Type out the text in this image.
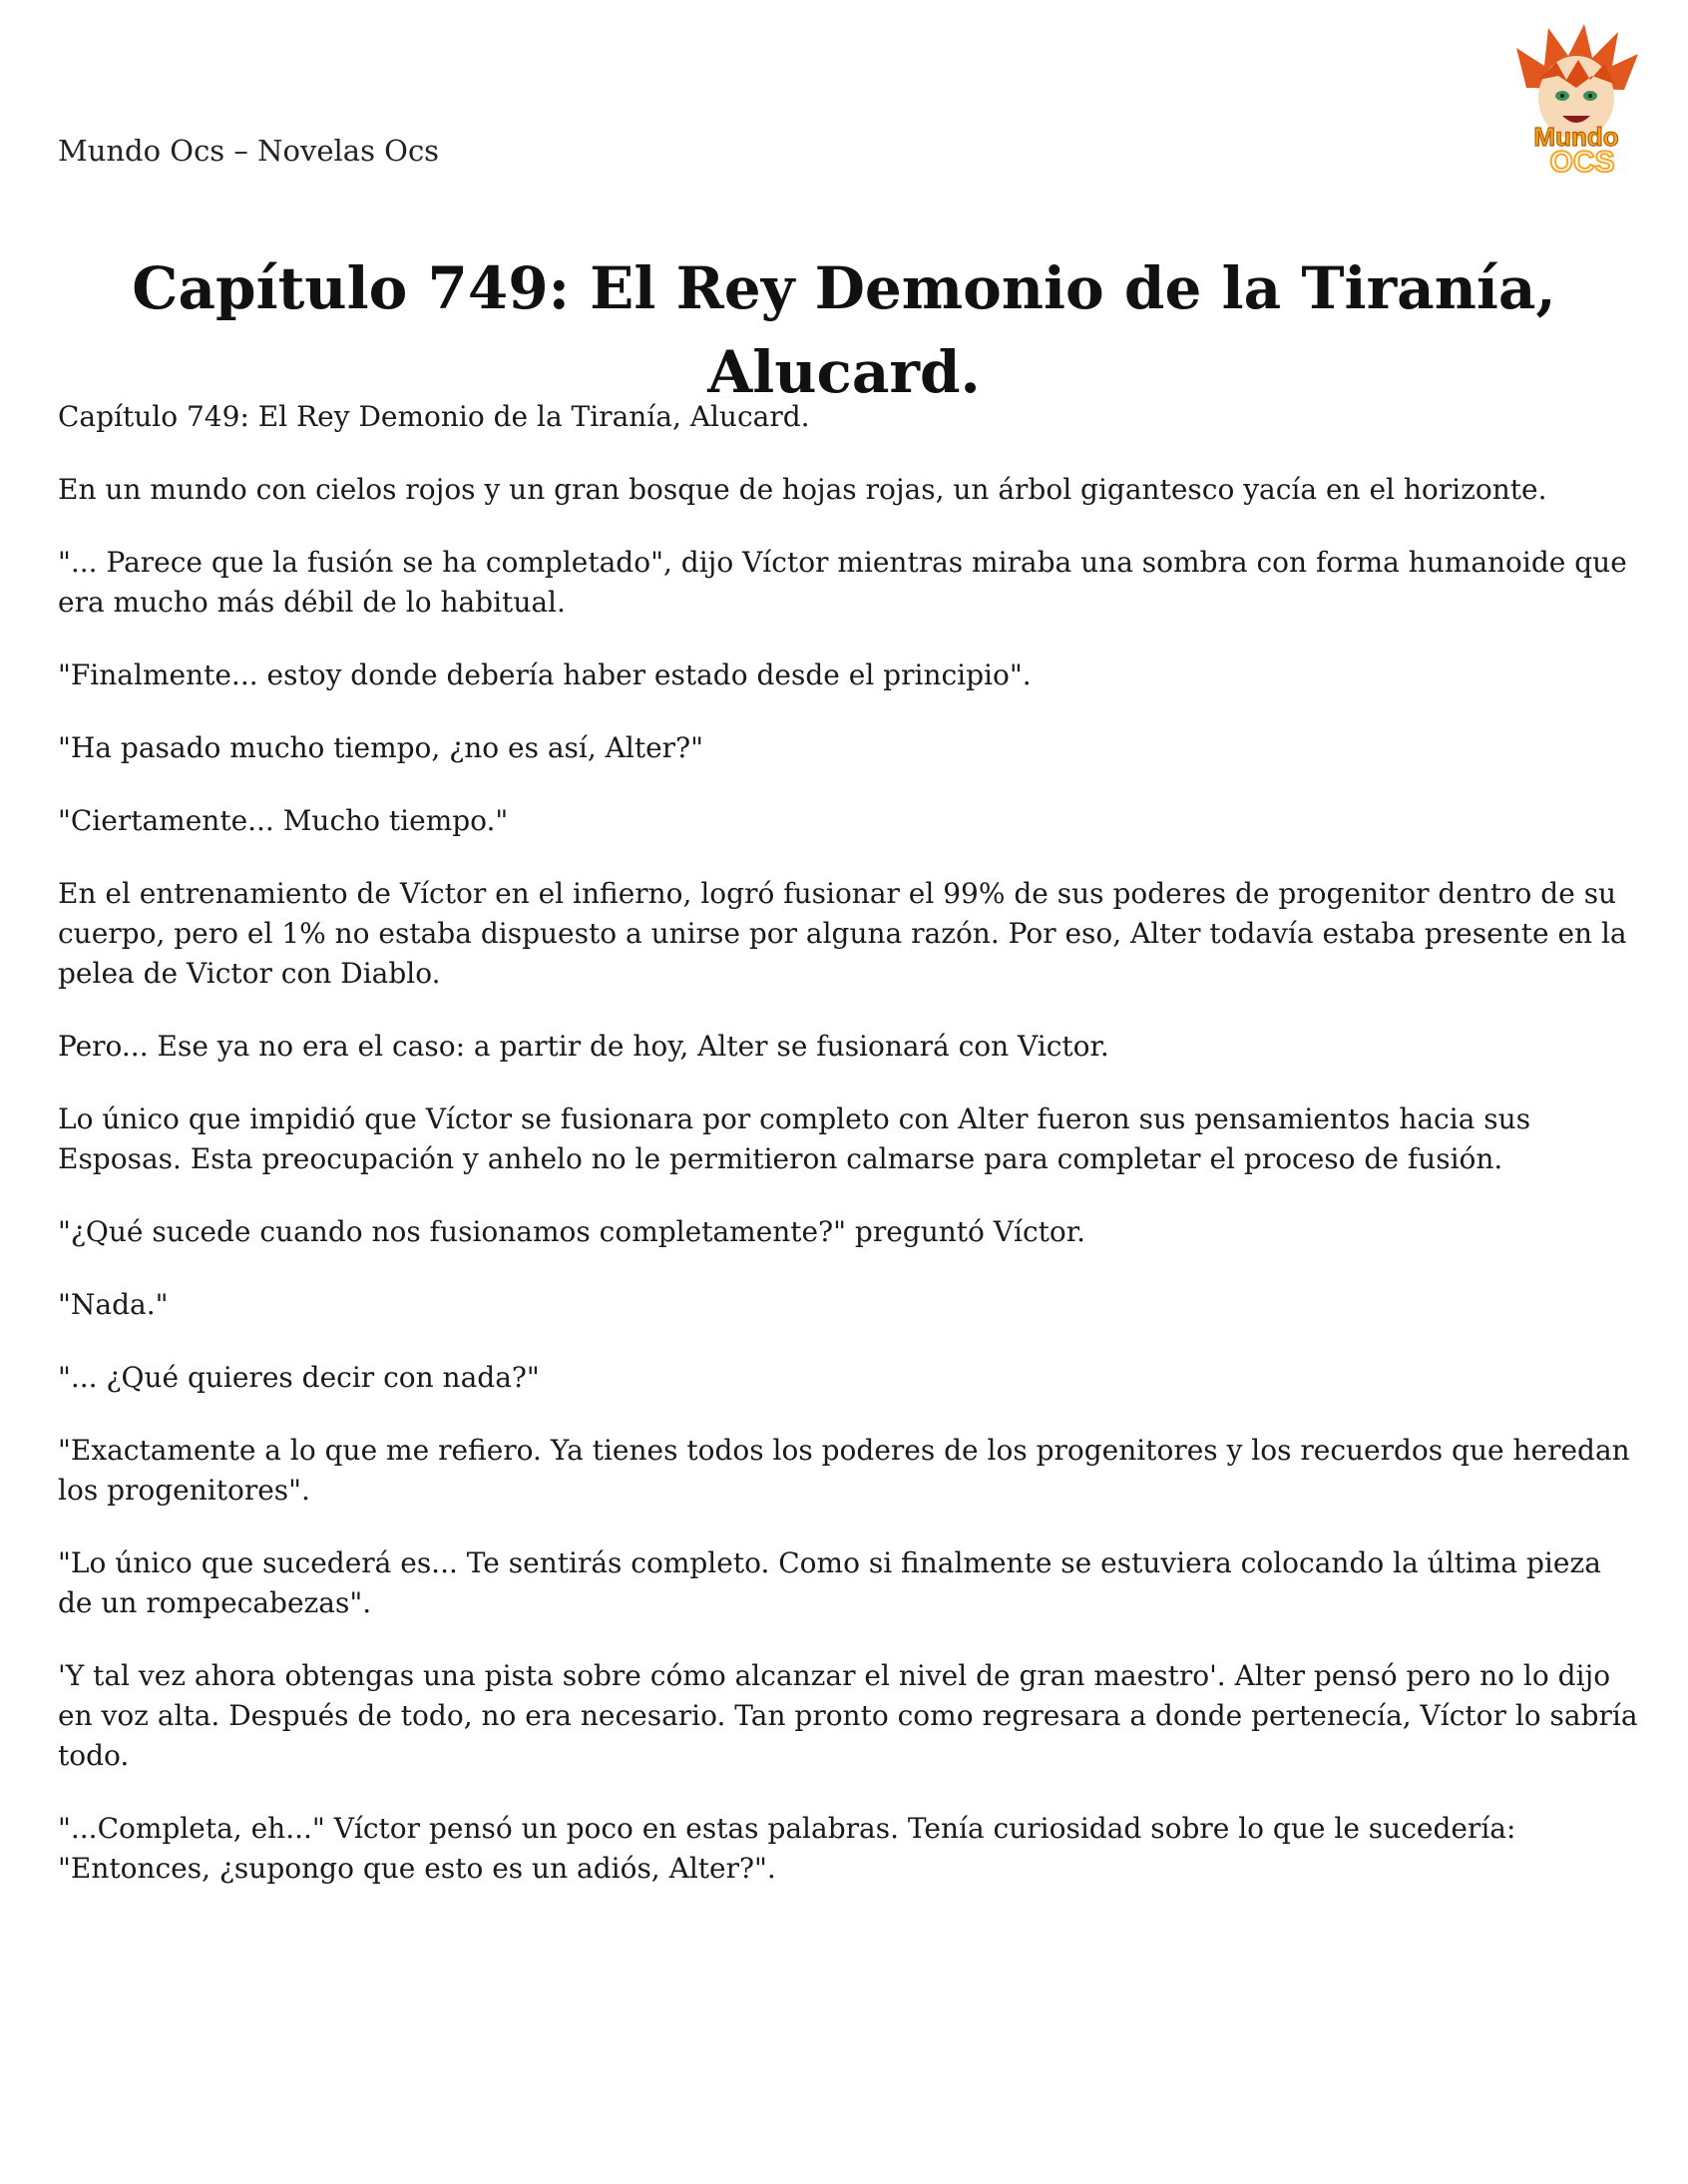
Mundo Ocs – Novelas Ocs	Mundo
OCS
Capítulo 749: El Rey Demonio de la Tiranía, Alucard.

Capítulo 749: El Rey Demonio de la Tiranía, Alucard.

En un mundo con cielos rojos y un gran bosque de hojas rojas, un árbol gigantesco yacía en el horizonte.

"... Parece que la fusión se ha completado", dijo Víctor mientras miraba una sombra con forma humanoide que era mucho más débil de lo habitual.

"Finalmente... estoy donde debería haber estado desde el principio".

"Ha pasado mucho tiempo, ¿no es así, Alter?"

"Ciertamente... Mucho tiempo."

En el entrenamiento de Víctor en el infierno, logró fusionar el 99% de sus poderes de progenitor dentro de su cuerpo, pero el 1% no estaba dispuesto a unirse por alguna razón. Por eso, Alter todavía estaba presente en la pelea de Victor con Diablo.

Pero... Ese ya no era el caso: a partir de hoy, Alter se fusionará con Victor.

Lo único que impidió que Víctor se fusionara por completo con Alter fueron sus pensamientos hacia sus Esposas. Esta preocupación y anhelo no le permitieron calmarse para completar el proceso de fusión.

"¿Qué sucede cuando nos fusionamos completamente?" preguntó Víctor.

"Nada."

"... ¿Qué quieres decir con nada?"

"Exactamente a lo que me refiero. Ya tienes todos los poderes de los progenitores y los recuerdos que heredan los progenitores".

"Lo único que sucederá es... Te sentirás completo. Como si finalmente se estuviera colocando la última pieza de un rompecabezas".

'Y tal vez ahora obtengas una pista sobre cómo alcanzar el nivel de gran maestro'. Alter pensó pero no lo dijo en voz alta. Después de todo, no era necesario. Tan pronto como regresara a donde pertenecía, Víctor lo sabría todo.

"...Completa, eh..." Víctor pensó un poco en estas palabras. Tenía curiosidad sobre lo que le sucedería: "Entonces, ¿supongo que esto es un adiós, Alter?".
